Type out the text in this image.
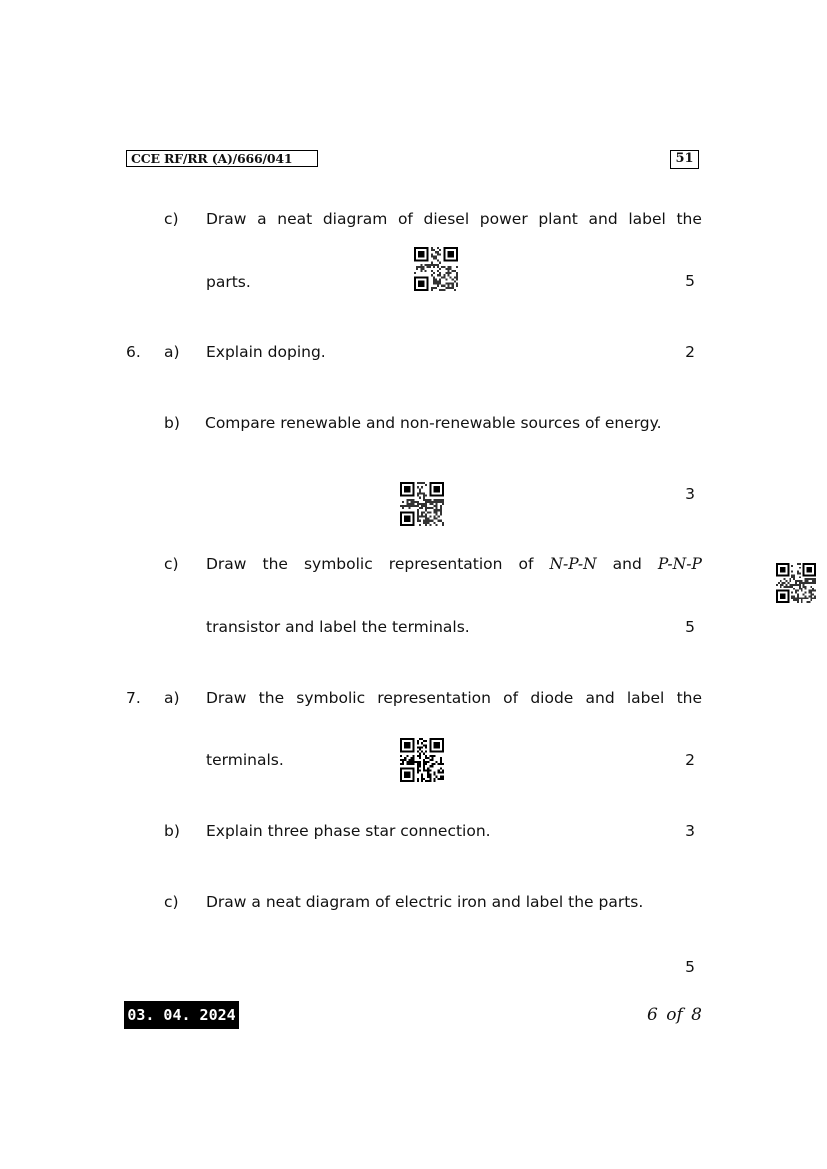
CCE RF/RR (A)/666/041	51
c) Draw a neat diagram of diesel power plant and label the
parts.	5
6. a) Explain doping.	2
b) Compare renewable and non-renewable sources of energy.
3
c) Draw the symbolic representation of N-P-N and P-N-P
transistor and label the terminals.	5
7. a) Draw the symbolic representation of diode and label the
terminals.	2
b) Explain three phase star connection.	3
c) Draw a neat diagram of electric iron and label the parts.
5
03. 04. 2024	6 of 8
